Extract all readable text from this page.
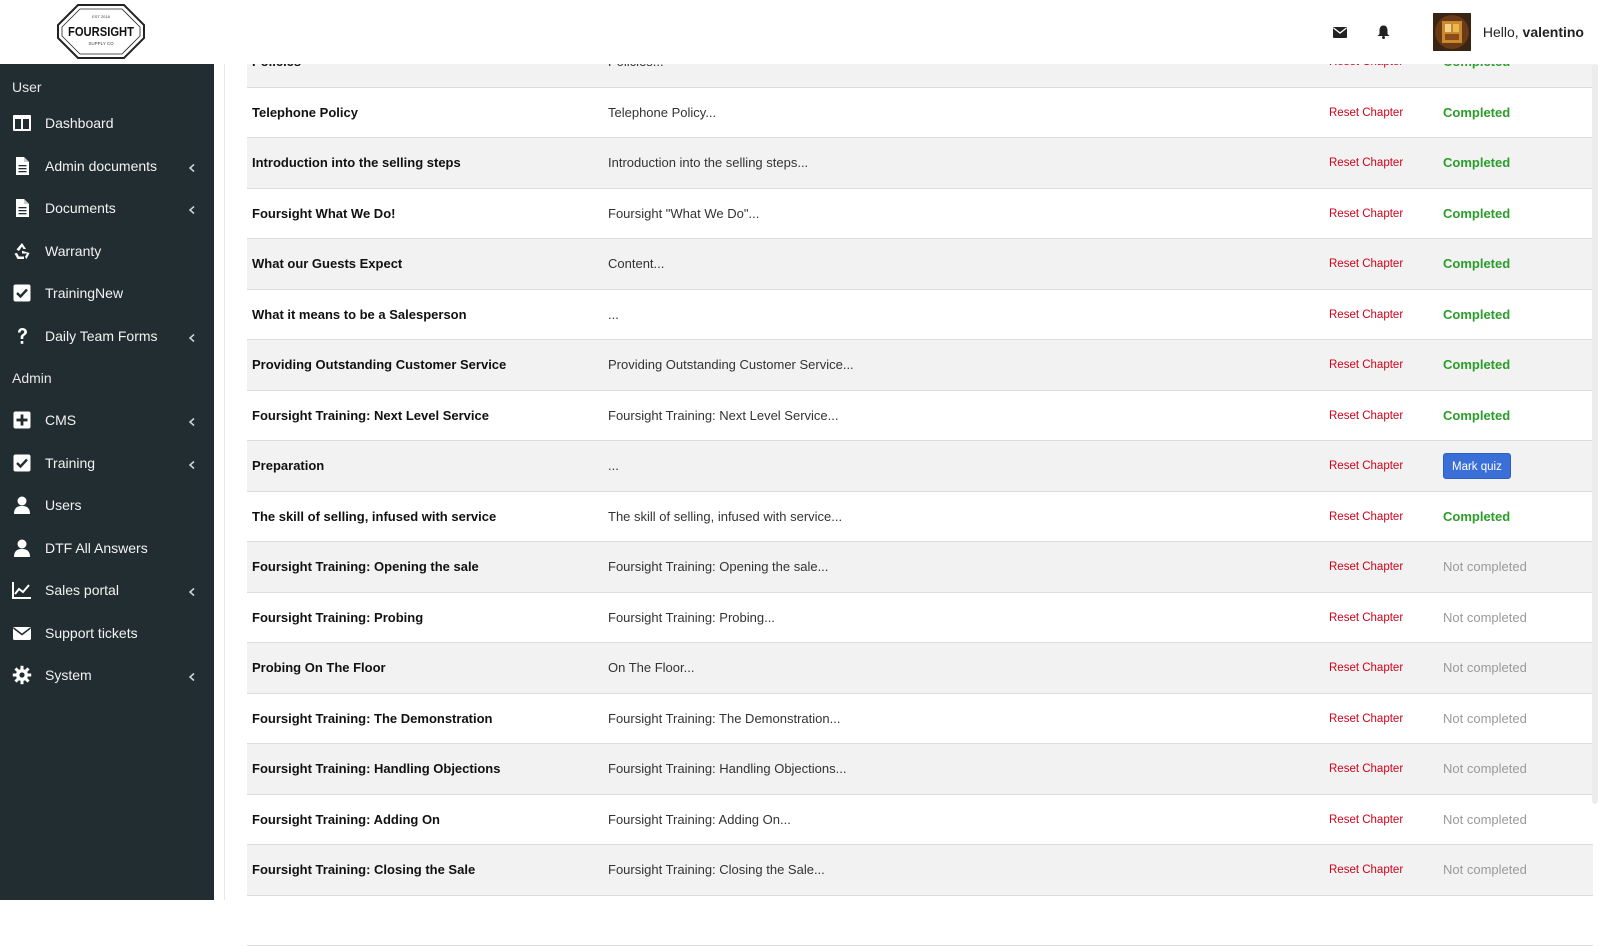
EST 2018
FOURSIGHT
SUPPLY CO
Hello, valentino
User
Dashboard
Admin documents
Documents
Warranty
TrainingNew
Daily Team Forms
Admin
CMS
Training
Users
DTF All Answers
Sales portal
Support tickets
System
Telephone Policy	Telephone Policy...	Reset Chapter	Completed
Introduction into the selling steps	Introduction into the selling steps...	Reset Chapter	Completed
Foursight What We Do!	Foursight "What We Do"...	Reset Chapter	Completed
What our Guests Expect	Content...	Reset Chapter	Completed
What it means to be a Salesperson	...	Reset Chapter	Completed
Providing Outstanding Customer Service	Providing Outstanding Customer Service...	Reset Chapter	Completed
Foursight Training: Next Level Service	Foursight Training: Next Level Service...	Reset Chapter	Completed
Preparation	...	Reset Chapter	Mark quiz
The skill of selling, infused with service	The skill of selling, infused with service...	Reset Chapter	Completed
Foursight Training: Opening the sale	Foursight Training: Opening the sale...	Reset Chapter	Not completed
Foursight Training: Probing	Foursight Training: Probing...	Reset Chapter	Not completed
Probing On The Floor	On The Floor...	Reset Chapter	Not completed
Foursight Training: The Demonstration	Foursight Training: The Demonstration...	Reset Chapter	Not completed
Foursight Training: Handling Objections	Foursight Training: Handling Objections...	Reset Chapter	Not completed
Foursight Training: Adding On	Foursight Training: Adding On...	Reset Chapter	Not completed
Foursight Training: Closing the Sale	Foursight Training: Closing the Sale...	Reset Chapter	Not completed
